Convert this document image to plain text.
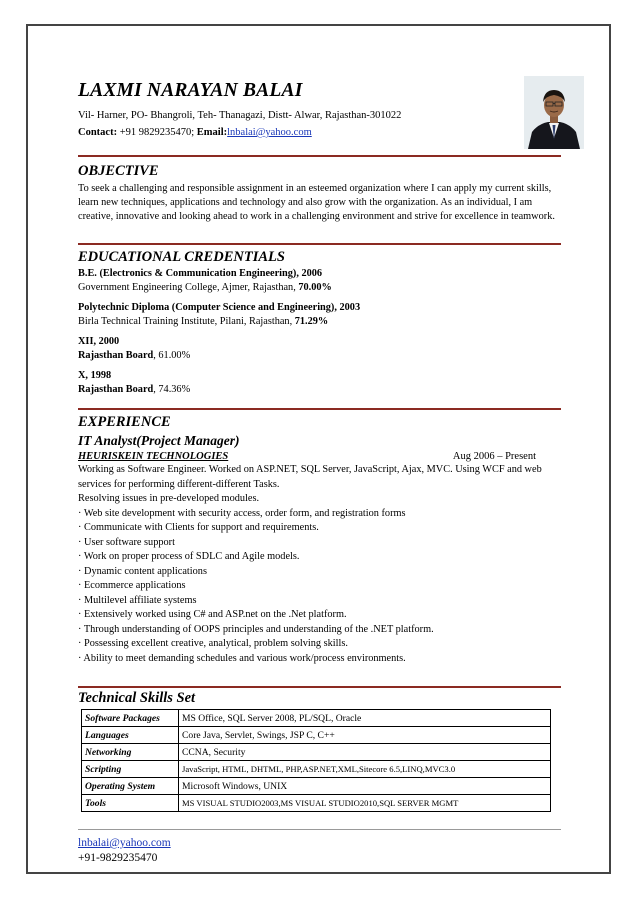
LAXMI NARAYAN BALAI
Vil- Harner, PO- Bhangroli, Teh- Thanagazi, Distt- Alwar, Rajasthan-301022
Contact: +91 9829235470; Email:lnbalai@yahoo.com
OBJECTIVE
To seek a challenging and responsible assignment in an esteemed organization where I can apply my current skills, learn new techniques, applications and technology and also grow with the organization. As an individual, I am creative, innovative and looking ahead to work in a challenging environment and strive for excellence in teamwork.
EDUCATIONAL CREDENTIALS
B.E. (Electronics & Communication Engineering), 2006
Government Engineering College, Ajmer, Rajasthan, 70.00%
Polytechnic Diploma (Computer Science and Engineering), 2003
Birla Technical Training Institute, Pilani, Rajasthan, 71.29%
XII, 2000
Rajasthan Board, 61.00%
X, 1998
Rajasthan Board, 74.36%
EXPERIENCE
IT Analyst(Project Manager)
HEURISKEIN TECHNOLOGIES	Aug 2006 – Present
Working as Software Engineer. Worked on ASP.NET, SQL Server, JavaScript, Ajax, MVC. Using WCF and web services for performing different-different Tasks.
Resolving issues in pre-developed modules.
· Web site development with security access, order form, and registration forms
· Communicate with Clients for support and requirements.
· User software support
· Work on proper process of SDLC and Agile models.
· Dynamic content applications
· Ecommerce applications
· Multilevel affiliate systems
· Extensively worked using C# and ASP.net on the .Net platform.
· Through understanding of OOPS principles and understanding of the .NET platform.
· Possessing excellent creative, analytical, problem solving skills.
· Ability to meet demanding schedules and various work/process environments.
Technical Skills Set
Software Packages	MS Office, SQL Server 2008, PL/SQL, Oracle
Languages	Core Java, Servlet, Swings, JSP C, C++
Networking	CCNA, Security
Scripting	JavaScript, HTML, DHTML, PHP,ASP.NET,XML,Sitecore 6.5,LINQ,MVC3.0
Operating System	Microsoft Windows, UNIX
Tools	MS VISUAL STUDIO2003,MS VISUAL STUDIO2010,SQL SERVER MGMT
lnbalai@yahoo.com
+91-9829235470
